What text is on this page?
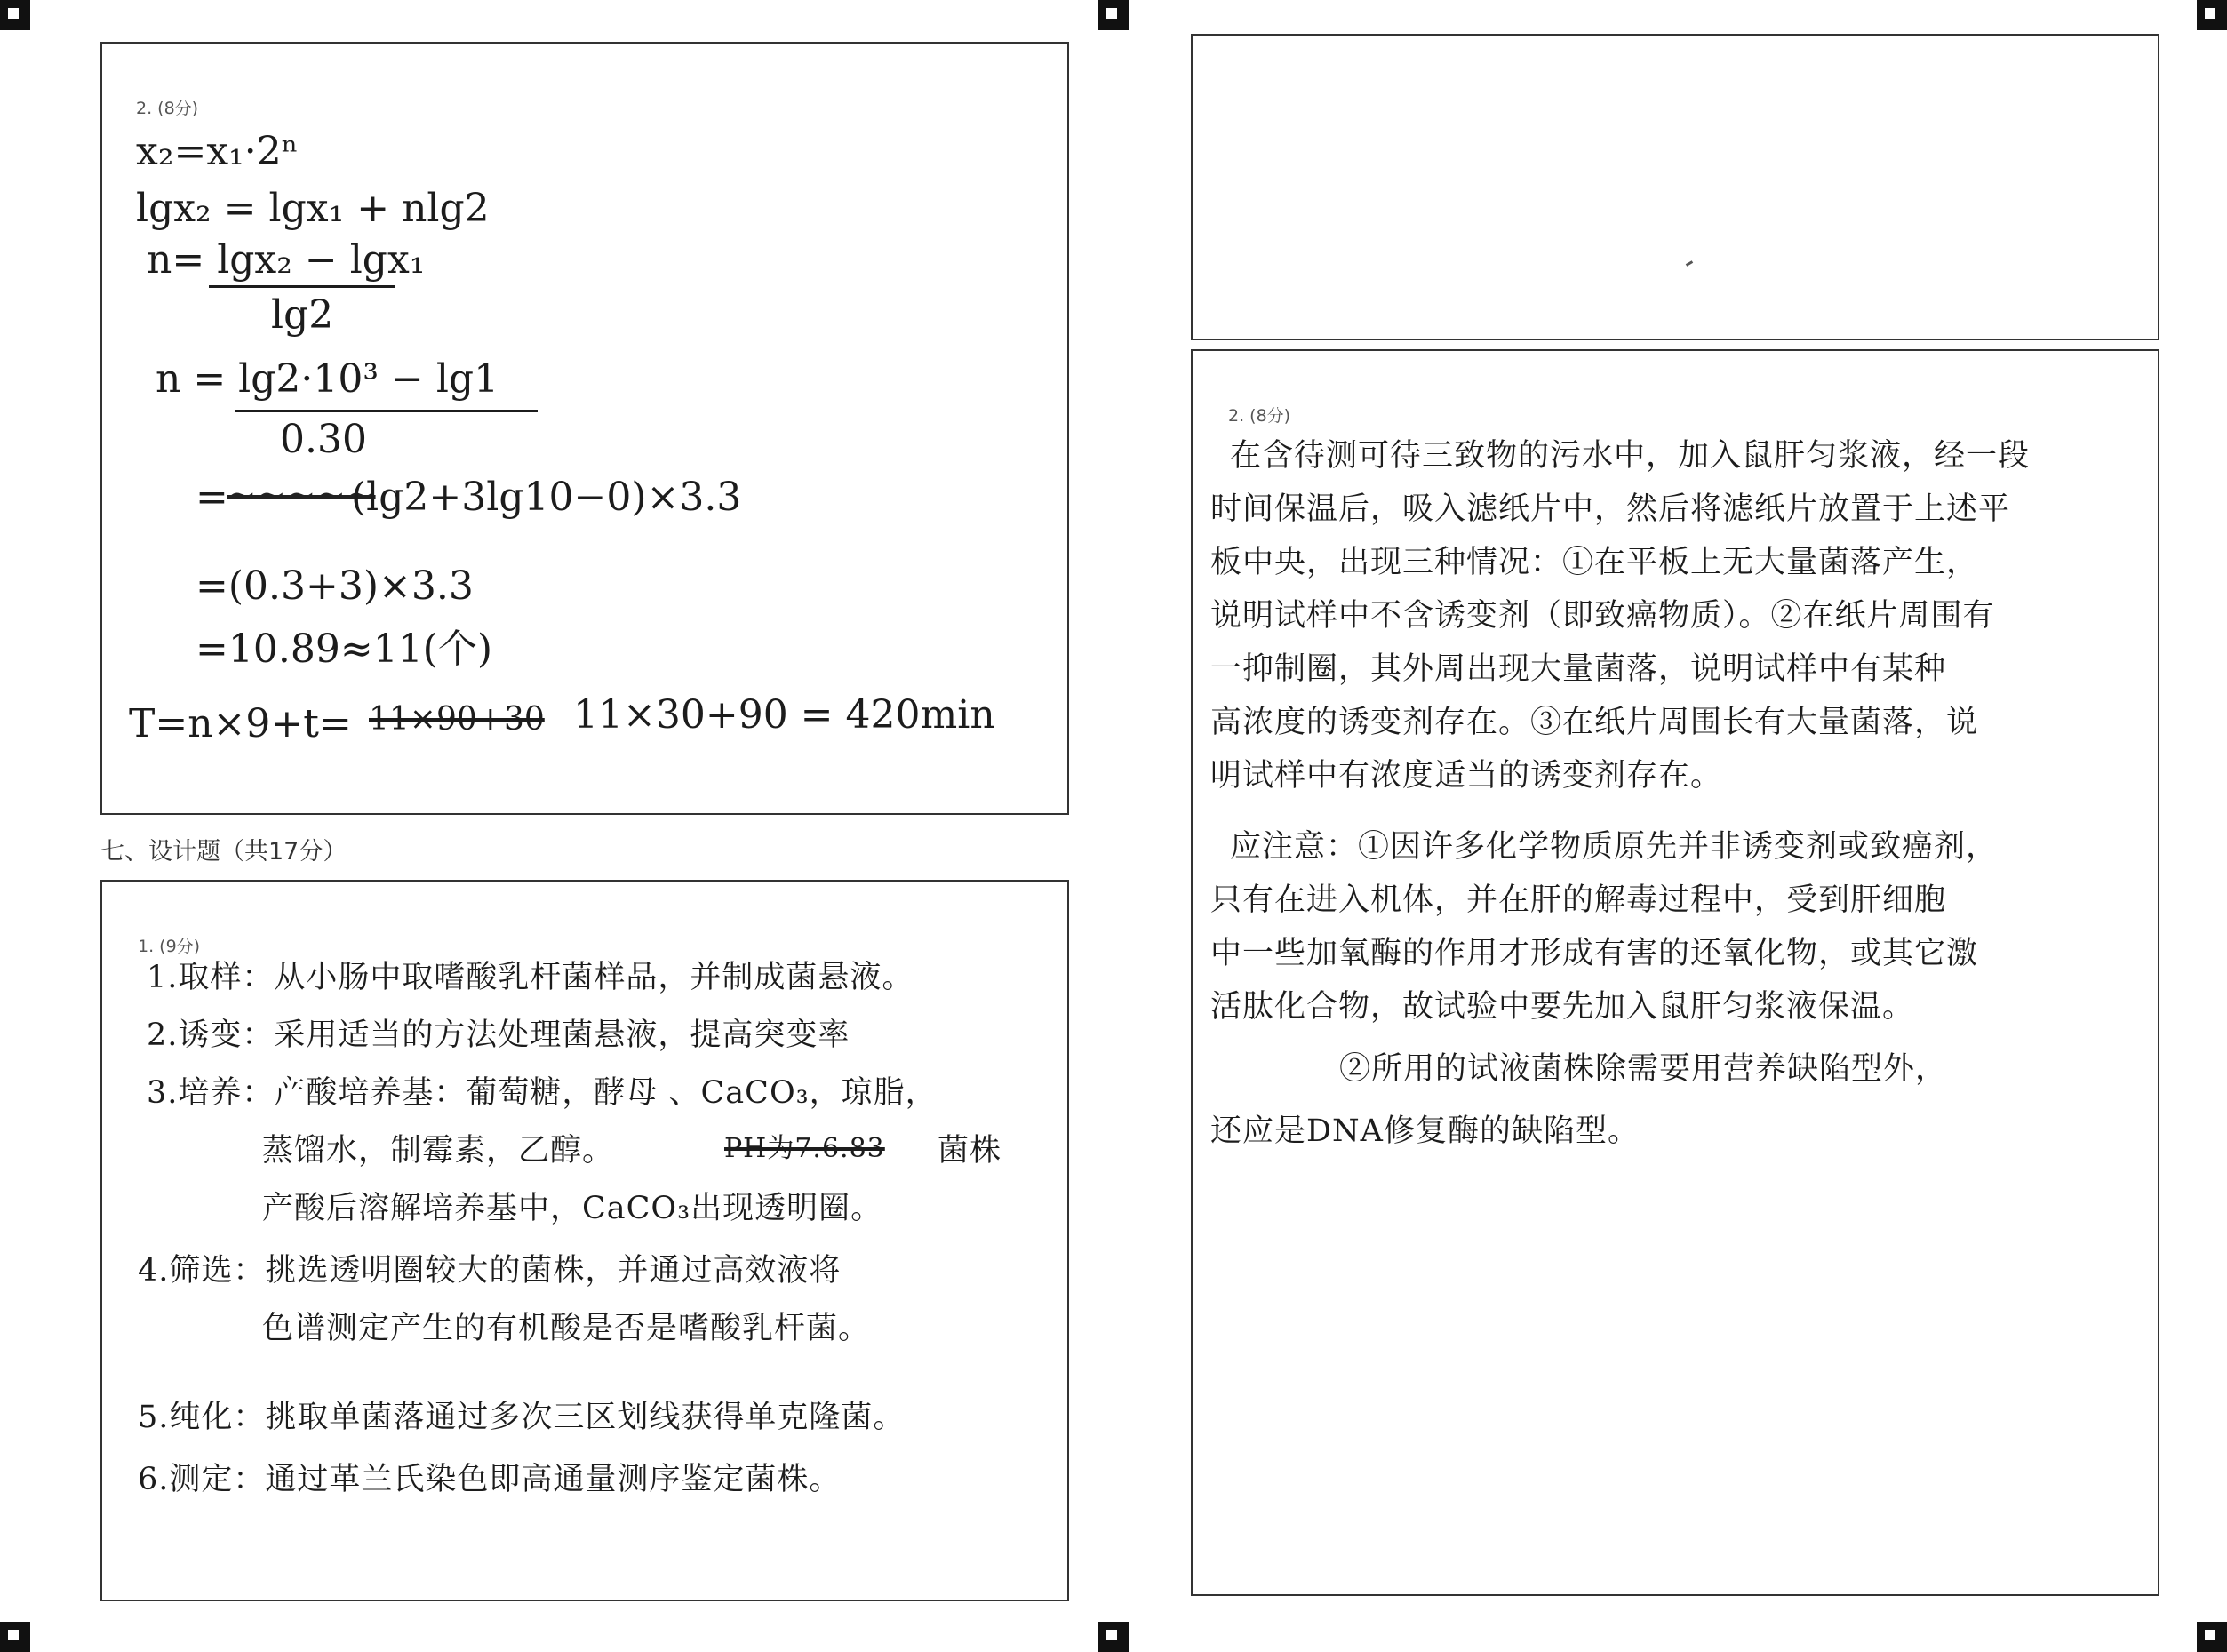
2. (8分)
x₂=x₁·2ⁿ
lgx₂ = lgx₁ + nlg2
n= lgx₂ − lgx₁
lg2
n = lg2·10³ − lg1
0.30
=
~~~~~
(lg2+3lg10−0)×3.3
=(0.3+3)×3.3
=10.89≈11(个)
T=n×9+t= 11×90+30 11×30+90 = 420min
七、设计题（共17分）
1. (9分)
1.取样：从小肠中取嗜酸乳杆菌样品，并制成菌悬液。
2.诱变：采用适当的方法处理菌悬液，提高突变率
3.培养：产酸培养基：葡萄糖，酵母 、CaCO₃，琼脂，
蒸馏水，制霉素，乙醇。	PH为7.6.83 菌株
产酸后溶解培养基中，CaCO₃出现透明圈。
4.筛选：挑选透明圈较大的菌株，并通过高效液将
色谱测定产生的有机酸是否是嗜酸乳杆菌。
5.纯化：挑取单菌落通过多次三区划线获得单克隆菌。
6.测定：通过革兰氏染色即高通量测序鉴定菌株。
2. (8分)
在含待测可待三致物的污水中，加入鼠肝匀浆液，经一段
时间保温后，吸入滤纸片中，然后将滤纸片放置于上述平
板中央，出现三种情况：①在平板上无大量菌落产生，
说明试样中不含诱变剂（即致癌物质）。②在纸片周围有
一抑制圈，其外周出现大量菌落，说明试样中有某种
高浓度的诱变剂存在。③在纸片周围长有大量菌落，说
明试样中有浓度适当的诱变剂存在。
应注意：①因许多化学物质原先并非诱变剂或致癌剂，
只有在进入机体，并在肝的解毒过程中，受到肝细胞
中一些加氧酶的作用才形成有害的还氧化物，或其它激
活肽化合物，故试验中要先加入鼠肝匀浆液保温。
②所用的试液菌株除需要用营养缺陷型外，
还应是DNA修复酶的缺陷型。
